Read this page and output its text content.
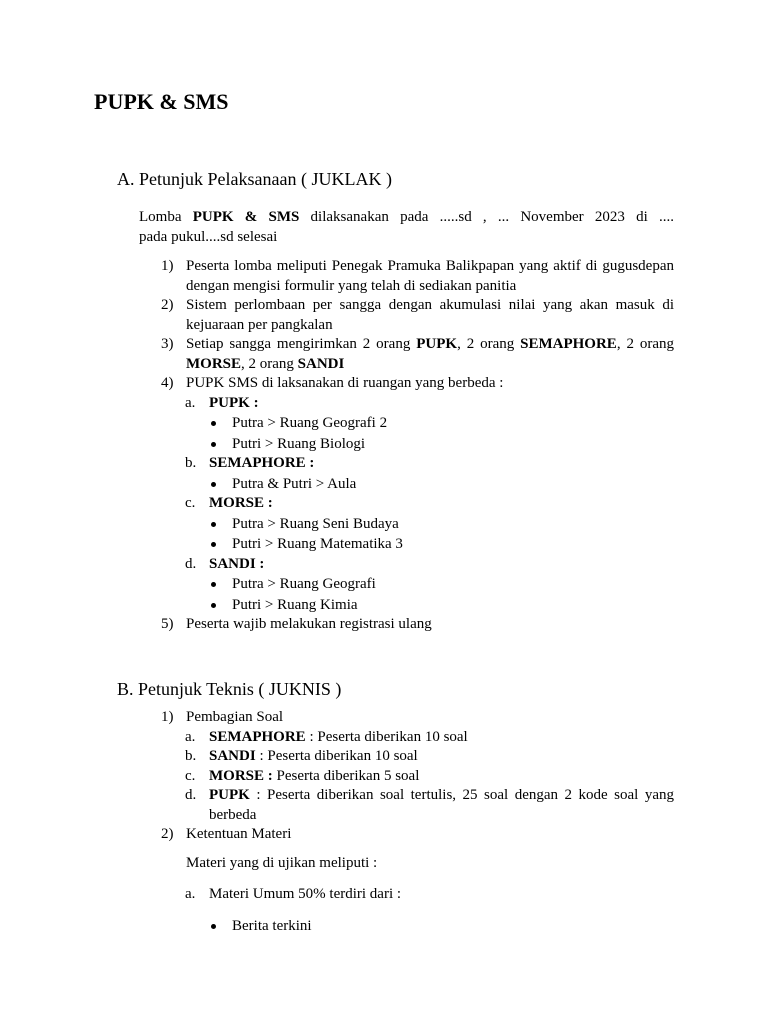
PUPK & SMS
A. Petunjuk Pelaksanaan ( JUKLAK )
Lomba PUPK & SMS dilaksanakan pada .....sd , ... November 2023 di ....
pada pukul....sd selesai
1) Peserta lomba meliputi Penegak Pramuka Balikpapan yang aktif di gugusdepan dengan mengisi formulir yang telah di sediakan panitia
2) Sistem perlombaan per sangga dengan akumulasi nilai yang akan masuk di kejuaraan per pangkalan
3) Setiap sangga mengirimkan 2 orang PUPK, 2 orang SEMAPHORE, 2 orang MORSE, 2 orang SANDI
4) PUPK SMS di laksanakan di ruangan yang berbeda :
a. PUPK :
Putra > Ruang Geografi 2
Putri > Ruang Biologi
b. SEMAPHORE :
Putra & Putri > Aula
c. MORSE :
Putra > Ruang Seni Budaya
Putri > Ruang Matematika 3
d. SANDI :
Putra > Ruang Geografi
Putri > Ruang Kimia
5) Peserta wajib melakukan registrasi ulang
B. Petunjuk Teknis ( JUKNIS )
1) Pembagian Soal
a. SEMAPHORE : Peserta diberikan 10 soal
b. SANDI : Peserta diberikan 10 soal
c. MORSE : Peserta diberikan 5 soal
d. PUPK : Peserta diberikan soal tertulis, 25 soal dengan 2 kode soal yang berbeda
2) Ketentuan Materi
Materi yang di ujikan meliputi :
a. Materi Umum 50% terdiri dari :
Berita terkini
